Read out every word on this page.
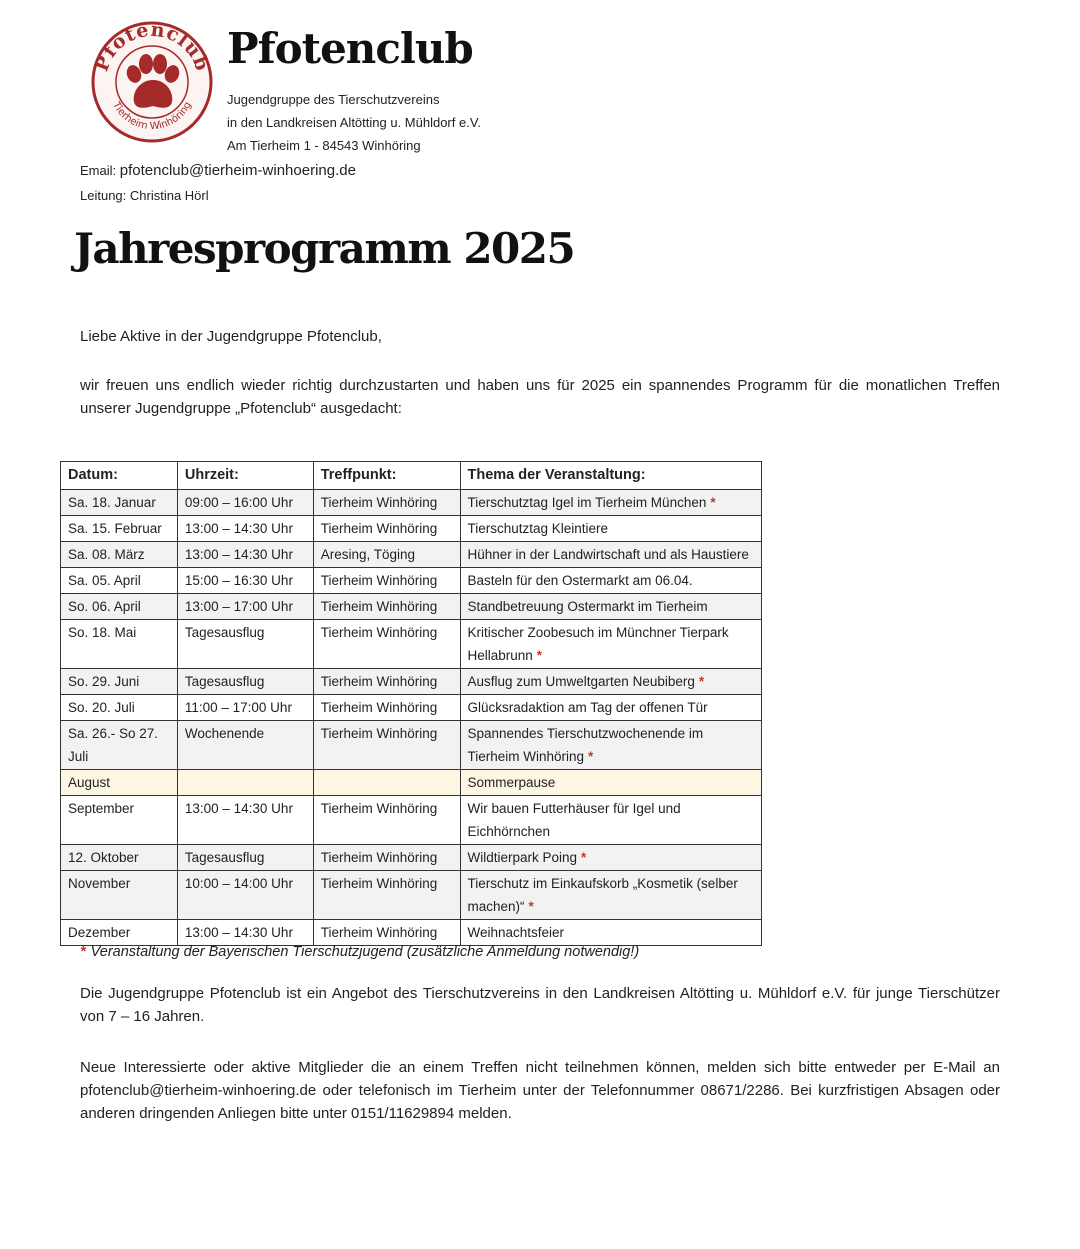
Pfotenclub
Tierheim Winhöring
Pfotenclub
Jugendgruppe des Tierschutzvereins
in den Landkreisen Altötting u. Mühldorf e.V.
Am Tierheim 1 - 84543 Winhöring
Email: pfotenclub@tierheim-winhoering.de
Leitung: Christina Hörl
Jahresprogramm 2025
Liebe Aktive in der Jugendgruppe Pfotenclub,
wir freuen uns endlich wieder richtig durchzustarten und haben uns für 2025 ein spannendes Programm für die monatlichen Treffen unserer Jugendgruppe „Pfotenclub“ ausgedacht:
Datum:	Uhrzeit:	Treffpunkt:	Thema der Veranstaltung:
Sa. 18. Januar	09:00 – 16:00 Uhr	Tierheim Winhöring	Tierschutztag Igel im Tierheim München *
Sa. 15. Februar	13:00 – 14:30 Uhr	Tierheim Winhöring	Tierschutztag Kleintiere
Sa. 08. März	13:00 – 14:30 Uhr	Aresing, Töging	Hühner in der Landwirtschaft und als Haustiere
Sa. 05. April	15:00 – 16:30 Uhr	Tierheim Winhöring	Basteln für den Ostermarkt am 06.04.
So. 06. April	13:00 – 17:00 Uhr	Tierheim Winhöring	Standbetreuung Ostermarkt im Tierheim
So. 18. Mai	Tagesausflug	Tierheim Winhöring	Kritischer Zoobesuch im Münchner Tierpark Hellabrunn *
So. 29. Juni	Tagesausflug	Tierheim Winhöring	Ausflug zum Umweltgarten Neubiberg *
So. 20. Juli	11:00 – 17:00 Uhr	Tierheim Winhöring	Glücksradaktion am Tag der offenen Tür
Sa. 26.- So 27. Juli	Wochenende	Tierheim Winhöring	Spannendes Tierschutzwochenende im Tierheim Winhöring *
August			Sommerpause
September	13:00 – 14:30 Uhr	Tierheim Winhöring	Wir bauen Futterhäuser für Igel und Eichhörnchen
12. Oktober	Tagesausflug	Tierheim Winhöring	Wildtierpark Poing *
November	10:00 – 14:00 Uhr	Tierheim Winhöring	Tierschutz im Einkaufskorb „Kosmetik (selber machen)“ *
Dezember	13:00 – 14:30 Uhr	Tierheim Winhöring	Weihnachtsfeier
* Veranstaltung der Bayerischen Tierschutzjugend (zusätzliche Anmeldung notwendig!)
Die Jugendgruppe Pfotenclub ist ein Angebot des Tierschutzvereins in den Landkreisen Altötting u. Mühldorf e.V. für junge Tierschützer von 7 – 16 Jahren.
Neue Interessierte oder aktive Mitglieder die an einem Treffen nicht teilnehmen können, melden sich bitte entweder per E-Mail an pfotenclub@tierheim-winhoering.de oder telefonisch im Tierheim unter der Telefonnummer 08671/2286. Bei kurzfristigen Absagen oder anderen dringenden Anliegen bitte unter 0151/11629894 melden.
